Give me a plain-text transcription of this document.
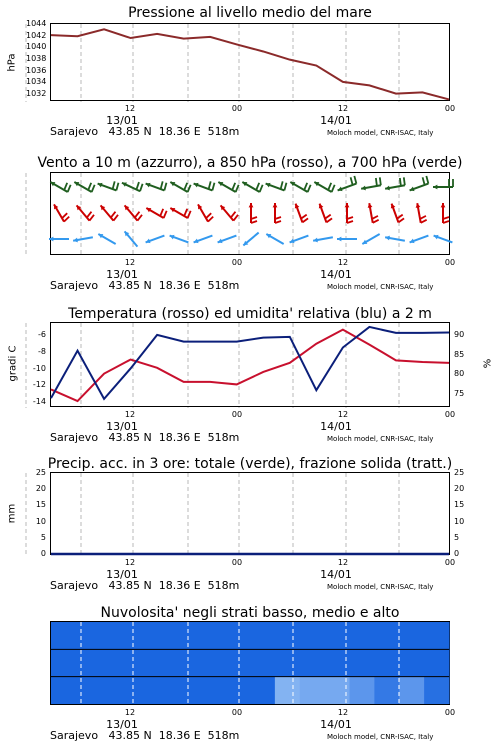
Pressione al livello medio del mare
hPa
Vento a 10 m (azzurro), a 850 hPa (rosso), a 700 hPa (verde)
Temperatura (rosso) ed umidita' relativa (blu) a 2 m
gradi C	%
Precip. acc. in 3 ore: totale (verde), frazione solida (tratt.)
mm
Nuvolosita' negli strati basso, medio e alto
12	00	12	00
13/01	14/01
Sarajevo   43.85 N  18.36 E  518m	Moloch model, CNR-ISAC, Italy
12	00	12	00
13/01	14/01
Sarajevo   43.85 N  18.36 E  518m	Moloch model, CNR-ISAC, Italy
12	00	12	00
13/01	14/01
Sarajevo   43.85 N  18.36 E  518m	Moloch model, CNR-ISAC, Italy
12	00	12	00
13/01	14/01
Sarajevo   43.85 N  18.36 E  518m	Moloch model, CNR-ISAC, Italy
12	00	12	00
13/01	14/01
Sarajevo   43.85 N  18.36 E  518m	Moloch model, CNR-ISAC, Italy
1044
1042
1040
1038
1036
1034
1032
-6
-8
-10
-12
-14
90
85
80
75
25	25
20	20
15	15
10	10
5	5
0	0
